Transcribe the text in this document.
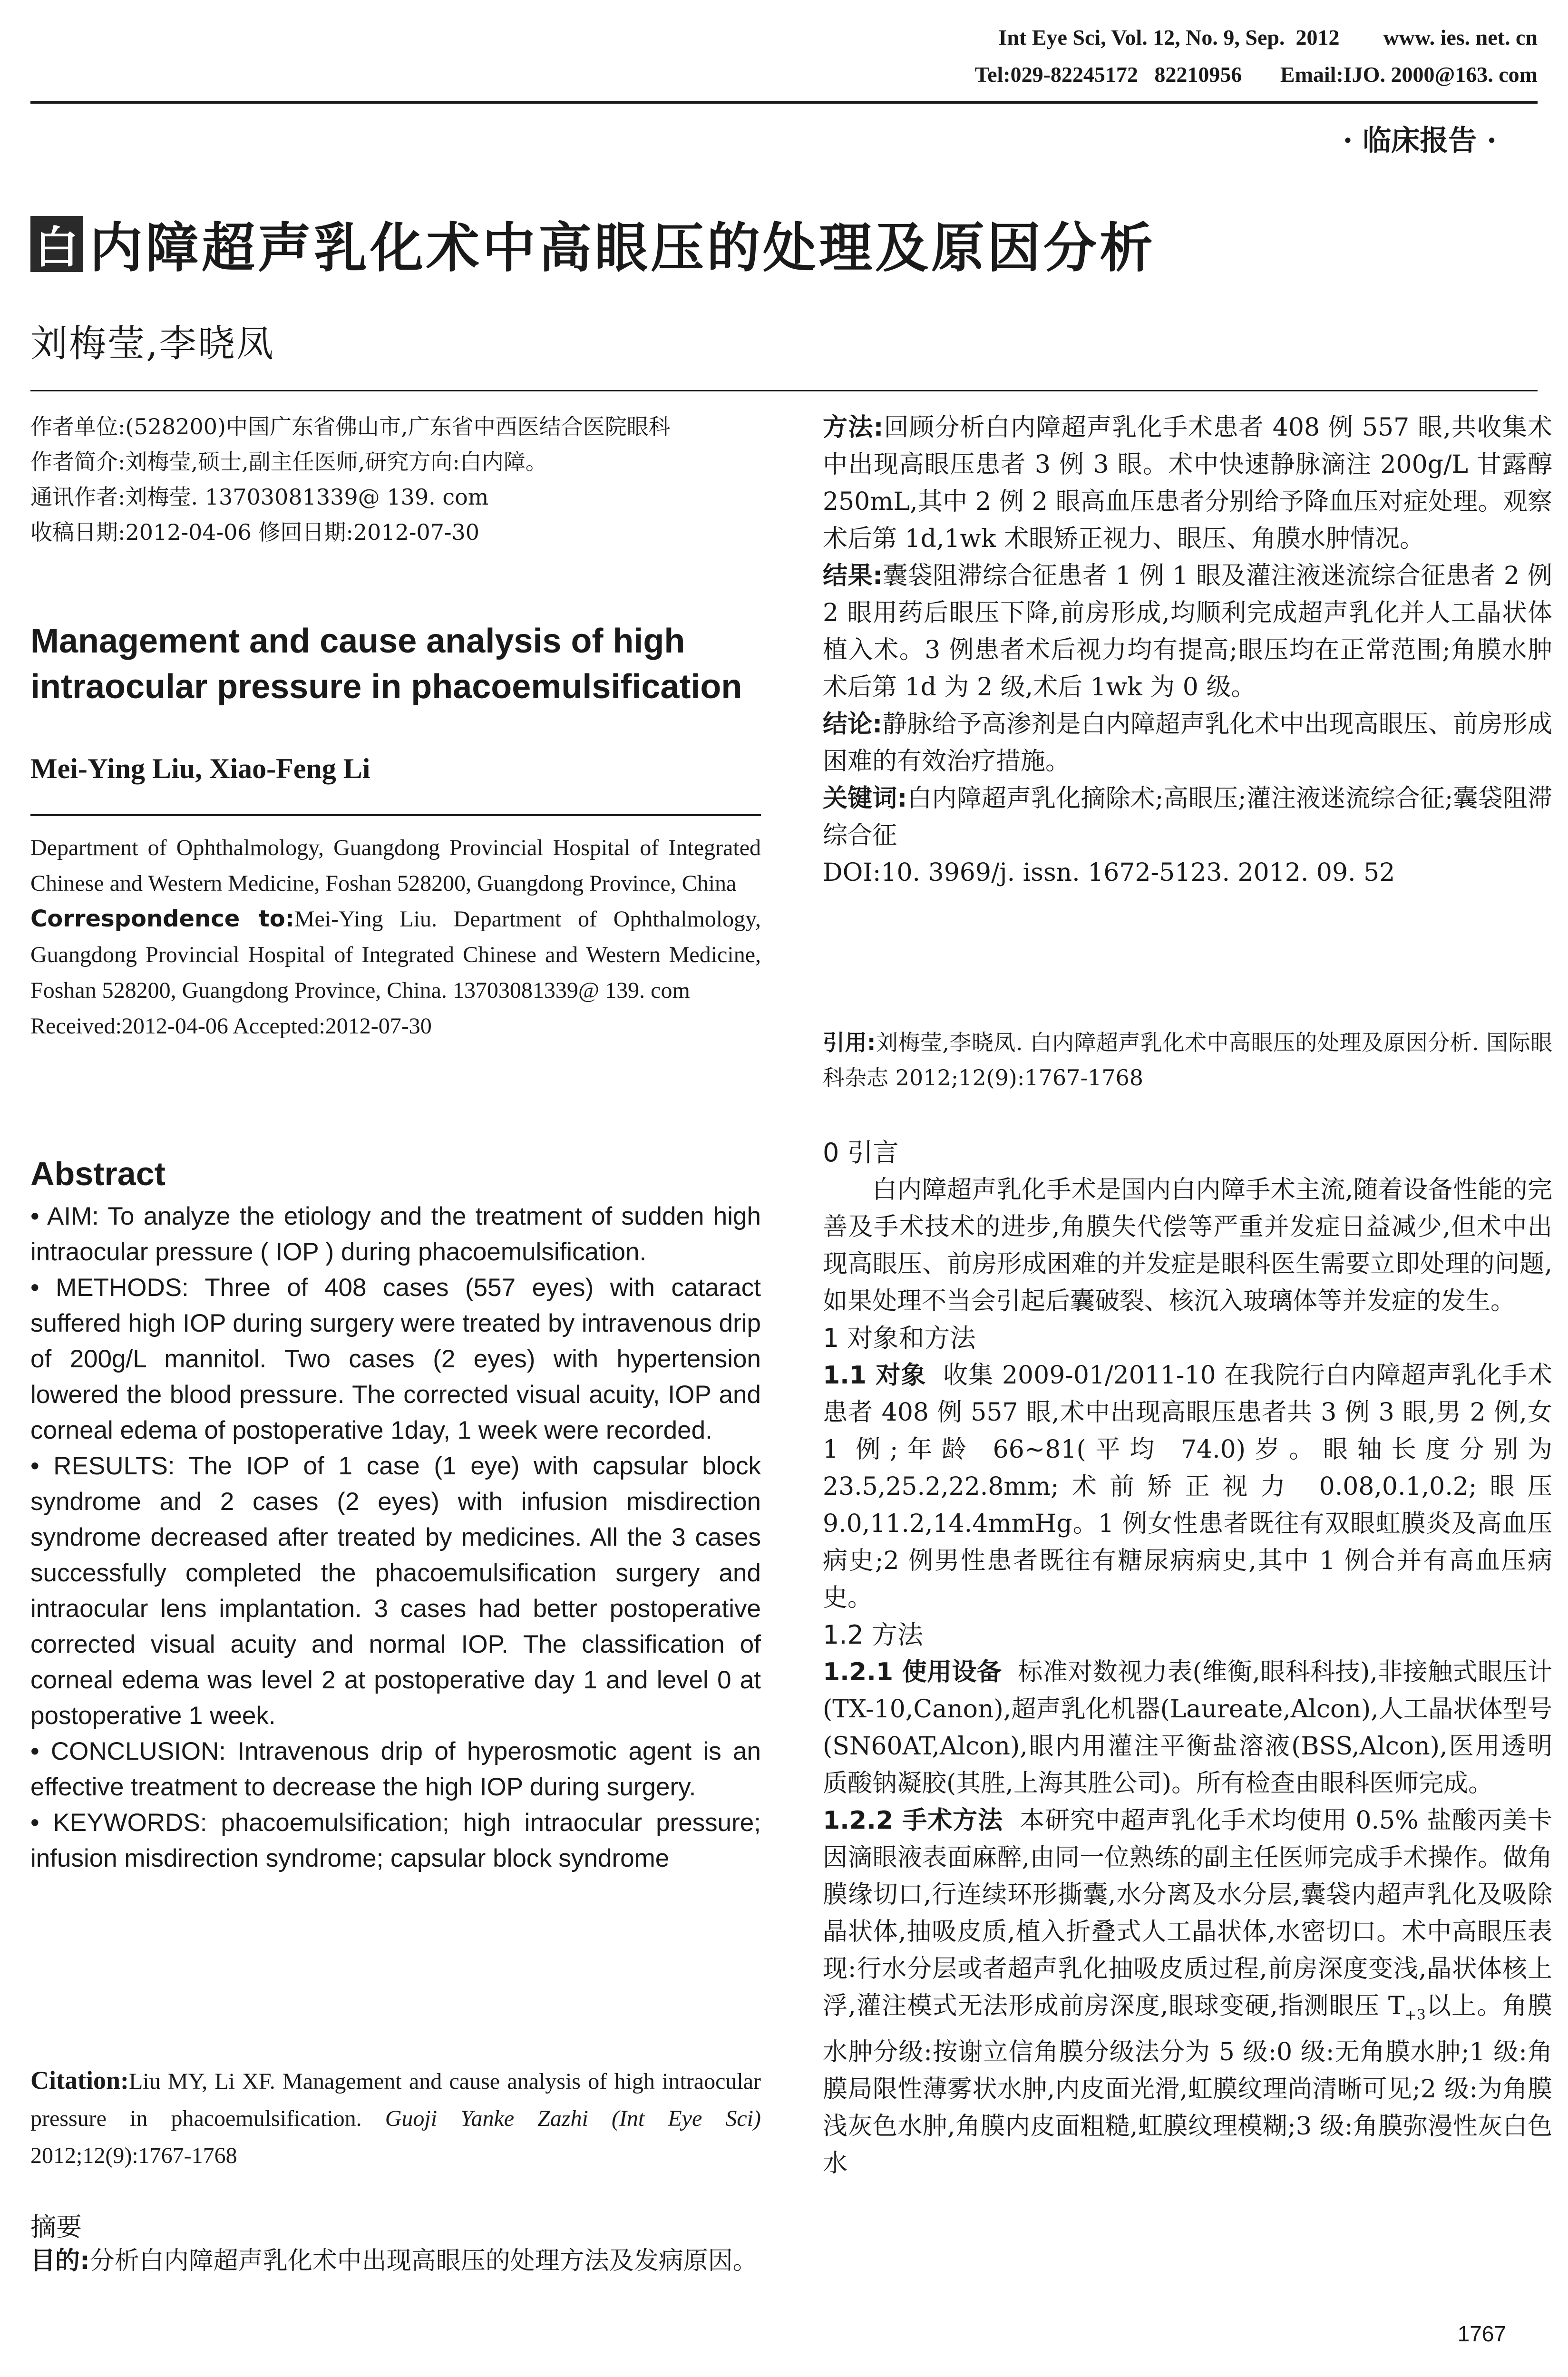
Int Eye Sci, Vol. 12, No. 9, Sep.  2012        www. ies. net. cn
Tel:029-82245172   82210956       Email:IJO. 2000@163. com
· 临床报告 ·
白 内障超声乳化术中高眼压的处理及原因分析
刘梅莹,李晓凤

作者单位:(528200)中国广东省佛山市,广东省中西医结合医院眼科

作者简介:刘梅莹,硕士,副主任医师,研究方向:白内障。

通讯作者:刘梅莹. 13703081339@ 139. com

收稿日期:2012-04-06 修回日期:2012-07-30

Management and cause analysis of high intraocular pressure in phacoemulsification
Mei-Ying Liu, Xiao-Feng Li

Department of Ophthalmology, Guangdong Provincial Hospital of Integrated Chinese and Western Medicine, Foshan 528200, Guangdong Province, China

Correspondence to:Mei-Ying Liu. Department of Ophthalmology, Guangdong Provincial Hospital of Integrated Chinese and Western Medicine, Foshan 528200, Guangdong Province, China. 13703081339@ 139. com

Received:2012-04-06 Accepted:2012-07-30

Abstract

• AIM: To analyze the etiology and the treatment of sudden high intraocular pressure ( IOP ) during phacoemulsification.

• METHODS: Three of 408 cases (557 eyes) with cataract suffered high IOP during surgery were treated by intravenous drip of 200g/L mannitol. Two cases (2 eyes) with hypertension lowered the blood pressure. The corrected visual acuity, IOP and corneal edema of postoperative 1day, 1 week were recorded.

• RESULTS: The IOP of 1 case (1 eye) with capsular block syndrome and 2 cases (2 eyes) with infusion misdirection syndrome decreased after treated by medicines. All the 3 cases successfully completed the phacoemulsification surgery and intraocular lens implantation. 3 cases had better postoperative corrected visual acuity and normal IOP. The classification of corneal edema was level 2 at postoperative day 1 and level 0 at postoperative 1 week.

• CONCLUSION: Intravenous drip of hyperosmotic agent is an effective treatment to decrease the high IOP during surgery.

• KEYWORDS: phacoemulsification; high intraocular pressure; infusion misdirection syndrome; capsular block syndrome

Citation:Liu MY, Li XF. Management and cause analysis of high intraocular pressure in phacoemulsification. Guoji Yanke Zazhi (Int Eye Sci) 2012;12(9):1767-1768
摘要
目的:分析白内障超声乳化术中出现高眼压的处理方法及发病原因。

方法:回顾分析白内障超声乳化手术患者 408 例 557 眼,共收集术中出现高眼压患者 3 例 3 眼。术中快速静脉滴注 200g/L 甘露醇 250mL,其中 2 例 2 眼高血压患者分别给予降血压对症处理。观察术后第 1d,1wk 术眼矫正视力、眼压、角膜水肿情况。

结果:囊袋阻滞综合征患者 1 例 1 眼及灌注液迷流综合征患者 2 例 2 眼用药后眼压下降,前房形成,均顺利完成超声乳化并人工晶状体植入术。3 例患者术后视力均有提高;眼压均在正常范围;角膜水肿术后第 1d 为 2 级,术后 1wk 为 0 级。

结论:静脉给予高渗剂是白内障超声乳化术中出现高眼压、前房形成困难的有效治疗措施。

关键词:白内障超声乳化摘除术;高眼压;灌注液迷流综合征;囊袋阻滞综合征

DOI:10. 3969/j. issn. 1672-5123. 2012. 09. 52

引用:刘梅莹,李晓凤. 白内障超声乳化术中高眼压的处理及原因分析. 国际眼科杂志 2012;12(9):1767-1768

0 引言

白内障超声乳化手术是国内白内障手术主流,随着设备性能的完善及手术技术的进步,角膜失代偿等严重并发症日益减少,但术中出现高眼压、前房形成困难的并发症是眼科医生需要立即处理的问题,如果处理不当会引起后囊破裂、核沉入玻璃体等并发症的发生。

1 对象和方法

1.1 对象 收集 2009-01/2011-10 在我院行白内障超声乳化手术患者 408 例 557 眼,术中出现高眼压患者共 3 例 3 眼,男 2 例,女 1 例;年龄 66~81(平均 74.0)岁。眼轴长度分别为 23.5,25.2,22.8mm;术前矫正视力 0.08,0.1,0.2;眼压 9.0,11.2,14.4mmHg。1 例女性患者既往有双眼虹膜炎及高血压病史;2 例男性患者既往有糖尿病病史,其中 1 例合并有高血压病史。

1.2 方法

1.2.1 使用设备 标准对数视力表(维衡,眼科科技),非接触式眼压计(TX-10,Canon),超声乳化机器(Laureate,Alcon),人工晶状体型号(SN60AT,Alcon),眼内用灌注平衡盐溶液(BSS,Alcon),医用透明质酸钠凝胶(其胜,上海其胜公司)。所有检查由眼科医师完成。

1.2.2 手术方法 本研究中超声乳化手术均使用 0.5% 盐酸丙美卡因滴眼液表面麻醉,由同一位熟练的副主任医师完成手术操作。做角膜缘切口,行连续环形撕囊,水分离及水分层,囊袋内超声乳化及吸除晶状体,抽吸皮质,植入折叠式人工晶状体,水密切口。术中高眼压表现:行水分层或者超声乳化抽吸皮质过程,前房深度变浅,晶状体核上浮,灌注模式无法形成前房深度,眼球变硬,指测眼压 $T_{+3}$以上。角膜水肿分级:按谢立信角膜分级法分为 5 级:0 级:无角膜水肿;1 级:角膜局限性薄雾状水肿,内皮面光滑,虹膜纹理尚清晰可见;2 级:为角膜浅灰色水肿,角膜内皮面粗糙,虹膜纹理模糊;3 级:角膜弥漫性灰白色水

1767
